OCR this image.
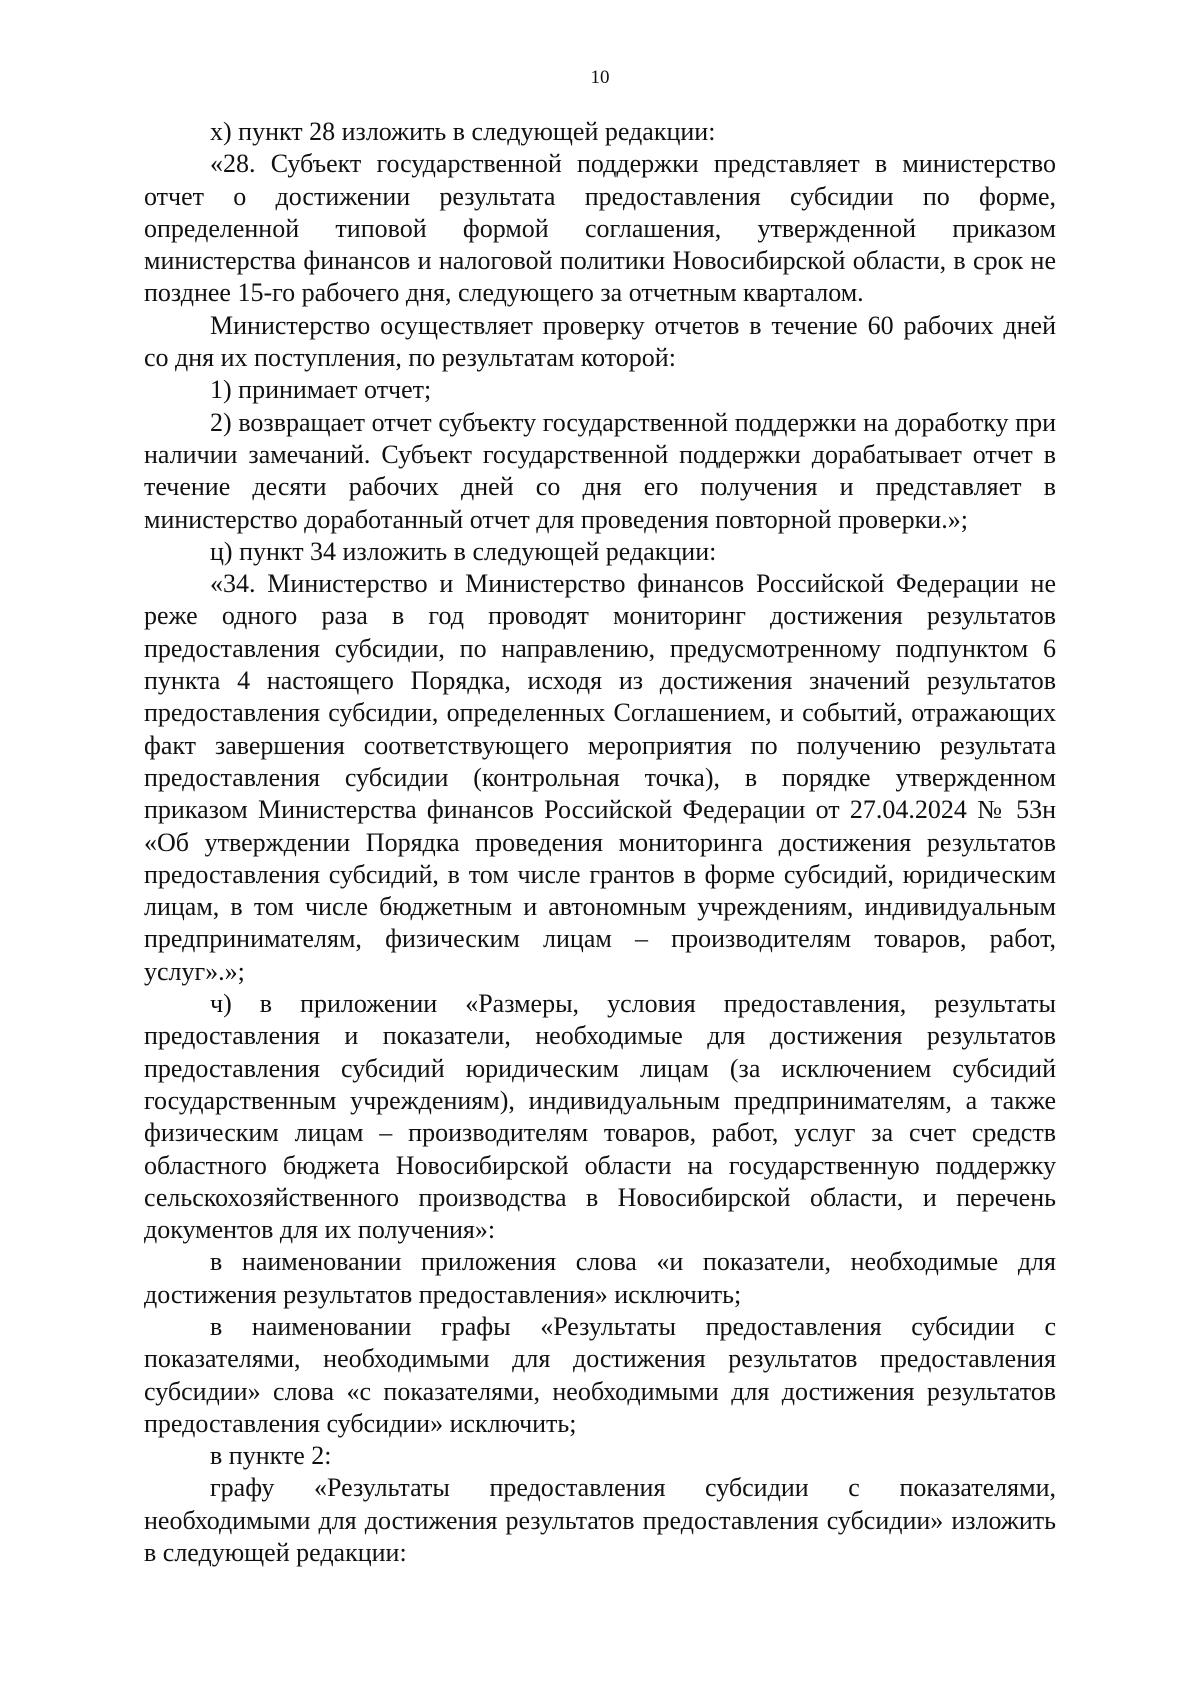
10

х) пункт 28 изложить в следующей редакции:

«28. Субъект государственной поддержки представляет в министерство отчет о достижении результата предоставления субсидии по форме, определенной типовой формой соглашения, утвержденной приказом министерства финансов и налоговой политики Новосибирской области, в срок не позднее 15-го рабочего дня, следующего за отчетным кварталом.

Министерство осуществляет проверку отчетов в течение 60 рабочих дней со дня их поступления, по результатам которой:

1) принимает отчет;

2) возвращает отчет субъекту государственной поддержки на доработку при наличии замечаний. Субъект государственной поддержки дорабатывает отчет в течение десяти рабочих дней со дня его получения и представляет в министерство доработанный отчет для проведения повторной проверки.»;

ц) пункт 34 изложить в следующей редакции:

«34. Министерство и Министерство финансов Российской Федерации не реже одного раза в год проводят мониторинг достижения результатов предоставления субсидии, по направлению, предусмотренному подпунктом 6 пункта 4 настоящего Порядка, исходя из достижения значений результатов предоставления субсидии, определенных Соглашением, и событий, отражающих факт завершения соответствующего мероприятия по получению результата предоставления субсидии (контрольная точка), в порядке утвержденном приказом Министерства финансов Российской Федерации от 27.04.2024 № 53н «Об утверждении Порядка проведения мониторинга достижения результатов предоставления субсидий, в том числе грантов в форме субсидий, юридическим лицам, в том числе бюджетным и автономным учреждениям, индивидуальным предпринимателям, физическим лицам – производителям товаров, работ, услуг».»;

ч) в приложении «Размеры, условия предоставления, результаты предоставления и показатели, необходимые для достижения результатов предоставления субсидий юридическим лицам (за исключением субсидий государственным учреждениям), индивидуальным предпринимателям, а также физическим лицам – производителям товаров, работ, услуг за счет средств областного бюджета Новосибирской области на государственную поддержку сельскохозяйственного производства в Новосибирской области, и перечень документов для их получения»:

в наименовании приложения слова «и показатели, необходимые для достижения результатов предоставления» исключить;

в наименовании графы «Результаты предоставления субсидии с показателями, необходимыми для достижения результатов предоставления субсидии» слова «с показателями, необходимыми для достижения результатов предоставления субсидии» исключить;

в пункте 2:

графу «Результаты предоставления субсидии с показателями, необходимыми для достижения результатов предоставления субсидии» изложить в следующей редакции:
